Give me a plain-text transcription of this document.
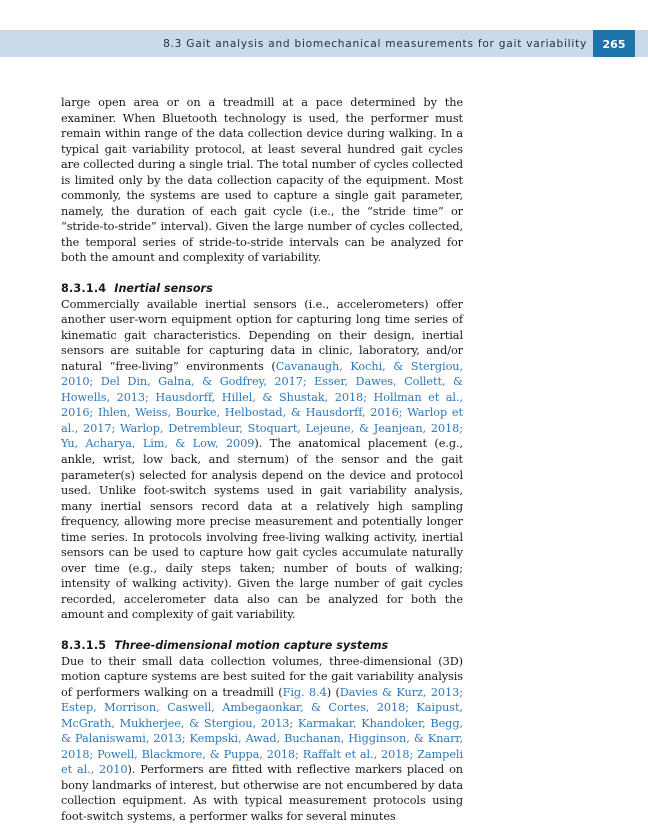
8.3 Gait analysis and biomechanical measurements for gait variability	265

large open area or on a treadmill at a pace determined by the examiner. When Bluetooth technology is used, the performer must remain within range of the data collection device during walking. In a typical gait variability protocol, at least several hundred gait cycles are collected during a single trial. The total number of cycles collected is limited only by the data collection capacity of the equipment. Most commonly, the systems are used to capture a single gait parameter, namely, the duration of each gait cycle (i.e., the “stride time” or “stride-to-stride” interval). Given the large number of cycles collected, the temporal series of stride-to-stride intervals can be analyzed for both the amount and complexity of variability.

8.3.1.4 Inertial sensors

Commercially available inertial sensors (i.e., accelerometers) offer another user-worn equipment option for capturing long time series of kinematic gait characteristics. Depending on their design, inertial sensors are suitable for capturing data in clinic, laboratory, and/or natural “free-living” environments (Cavanaugh, Kochi, & Stergiou, 2010; Del Din, Galna, & Godfrey, 2017; Esser, Dawes, Collett, & Howells, 2013; Hausdorff, Hillel, & Shustak, 2018; Hollman et al., 2016; Ihlen, Weiss, Bourke, Helbostad, & Hausdorff, 2016; Warlop et al., 2017; Warlop, Detrembleur, Stoquart, Lejeune, & Jeanjean, 2018; Yu, Acharya, Lim, & Low, 2009). The anatomical placement (e.g., ankle, wrist, low back, and sternum) of the sensor and the gait parameter(s) selected for analysis depend on the device and protocol used. Unlike foot-switch systems used in gait variability analysis, many inertial sensors record data at a relatively high sampling frequency, allowing more precise measurement and potentially longer time series. In protocols involving free-living walking activity, inertial sensors can be used to capture how gait cycles accumulate naturally over time (e.g., daily steps taken; number of bouts of walking; intensity of walking activity). Given the large number of gait cycles recorded, accelerometer data also can be analyzed for both the amount and complexity of gait variability.

8.3.1.5 Three-dimensional motion capture systems

Due to their small data collection volumes, three-dimensional (3D) motion capture systems are best suited for the gait variability analysis of performers walking on a treadmill (Fig. 8.4) (Davies & Kurz, 2013; Estep, Morrison, Caswell, Ambegaonkar, & Cortes, 2018; Kaipust, McGrath, Mukherjee, & Stergiou, 2013; Karmakar, Khandoker, Begg, & Palaniswami, 2013; Kempski, Awad, Buchanan, Higginson, & Knarr, 2018; Powell, Blackmore, & Puppa, 2018; Raffalt et al., 2018; Zampeli et al., 2010). Performers are fitted with reflective markers placed on bony landmarks of interest, but otherwise are not encumbered by data collection equipment. As with typical measurement protocols using foot-switch systems, a performer walks for several minutes
